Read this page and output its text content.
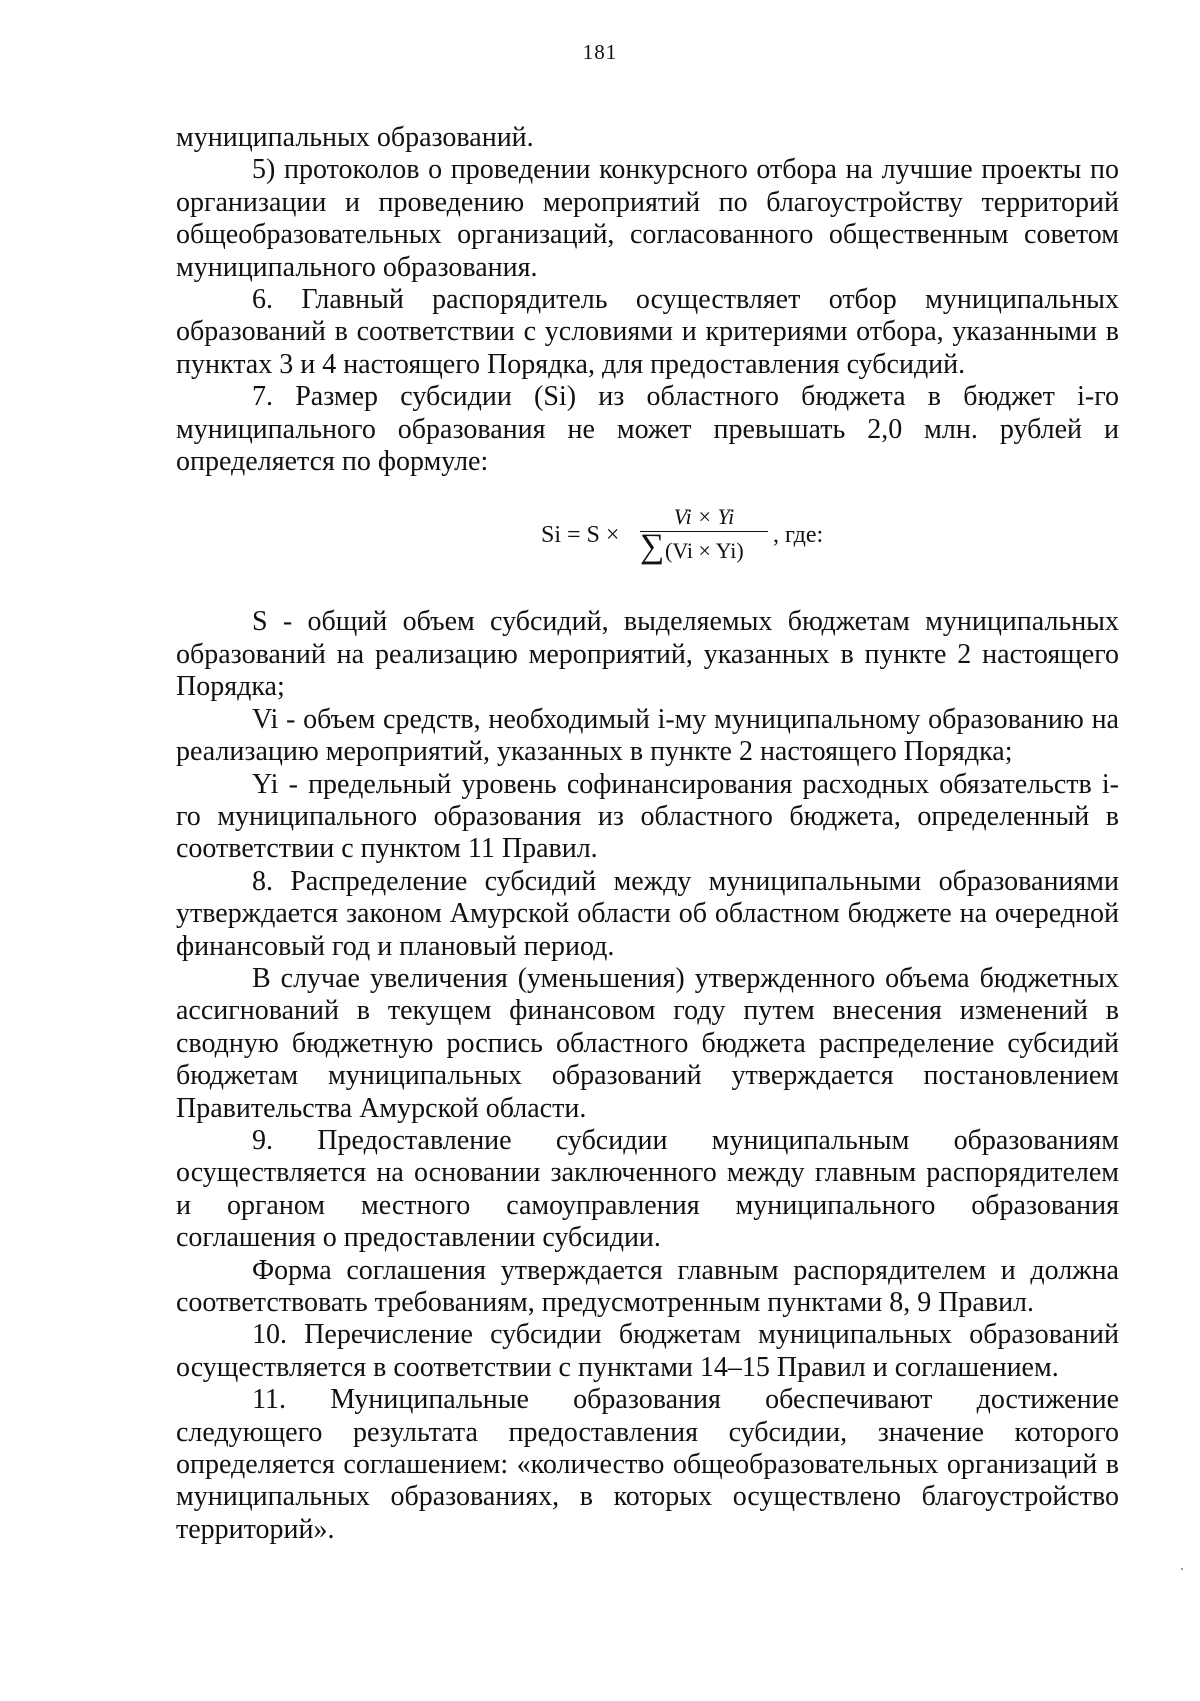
181

муниципальных образований.

5) протоколов о проведении конкурсного отбора на лучшие проекты по организации и проведению мероприятий по благоустройству территорий общеобразовательных организаций, согласованного общественным советом муниципального образования.

6. Главный распорядитель осуществляет отбор муниципальных образований в соответствии с условиями и критериями отбора, указанными в пунктах 3 и 4 настоящего Порядка, для предоставления субсидий.

7. Размер субсидии (Si) из областного бюджета в бюджет i-го муниципального образования не может превышать 2,0 млн. рублей и определяется по формуле:

Si = S ×
Vi × Yi
∑ (Vi × Yi)
, где:

S - общий объем субсидий, выделяемых бюджетам муниципальных образований на реализацию мероприятий, указанных в пункте 2 настоящего Порядка;

Vi - объем средств, необходимый i-му муниципальному образованию на реализацию мероприятий, указанных в пункте 2 настоящего Порядка;

Yi - предельный уровень софинансирования расходных обязательств i-го муниципального образования из областного бюджета, определенный в соответствии с пунктом 11 Правил.

8. Распределение субсидий между муниципальными образованиями утверждается законом Амурской области об областном бюджете на очередной финансовый год и плановый период.

В случае увеличения (уменьшения) утвержденного объема бюджетных ассигнований в текущем финансовом году путем внесения изменений в сводную бюджетную роспись областного бюджета распределение субсидий бюджетам муниципальных образований утверждается постановлением Правительства Амурской области.

9. Предоставление субсидии муниципальным образованиям осуществляется на основании заключенного между главным распорядителем и органом местного самоуправления муниципального образования соглашения о предоставлении субсидии.

Форма соглашения утверждается главным распорядителем и должна соответствовать требованиям, предусмотренным пунктами 8, 9 Правил.

10. Перечисление субсидии бюджетам муниципальных образований осуществляется в соответствии с пунктами 14–15 Правил и соглашением.

11. Муниципальные образования обеспечивают достижение следующего результата предоставления субсидии, значение которого определяется соглашением: «количество общеобразовательных организаций в муниципальных образованиях, в которых осуществлено благоустройство территорий».
